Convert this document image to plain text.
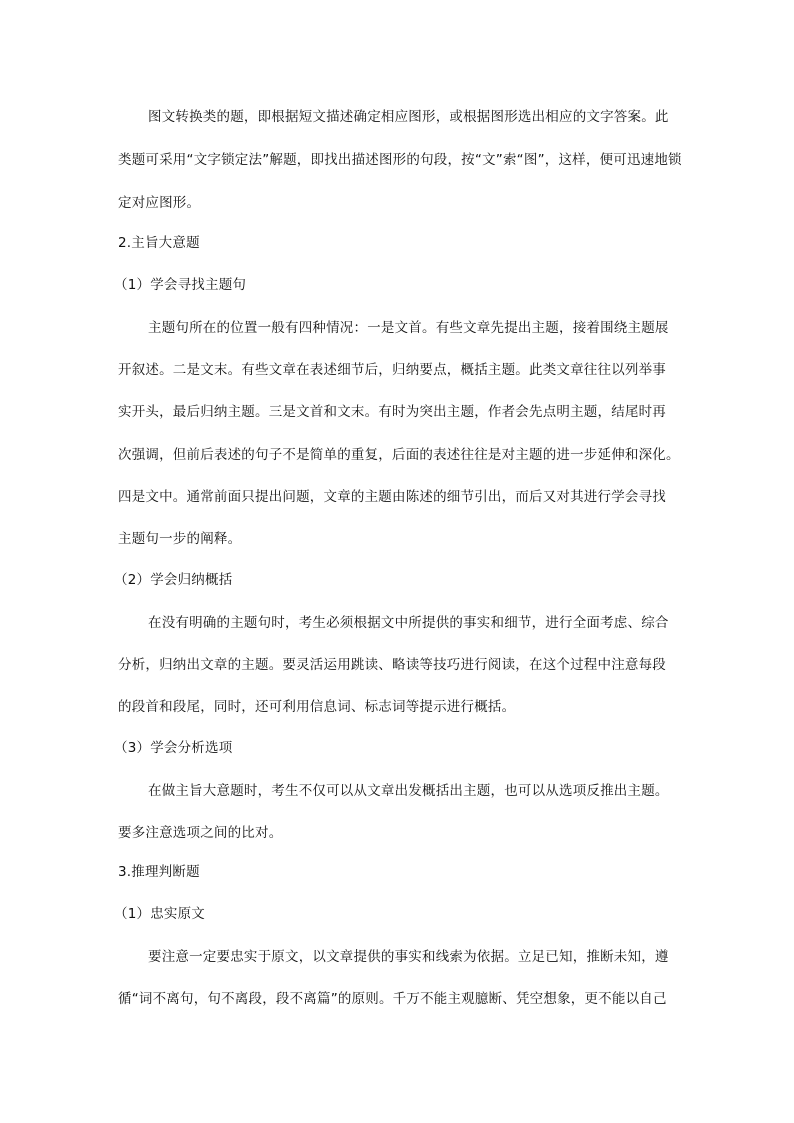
图文转换类的题，即根据短文描述确定相应图形，或根据图形选出相应的文字答案。此
类题可采用“文字锁定法”解题，即找出描述图形的句段，按“文”索“图”，这样，便可迅速地锁
定对应图形。
2.主旨大意题
（1）学会寻找主题句
主题句所在的位置一般有四种情况：一是文首。有些文章先提出主题，接着围绕主题展
开叙述。二是文末。有些文章在表述细节后，归纳要点，概括主题。此类文章往往以列举事
实开头，最后归纳主题。三是文首和文末。有时为突出主题，作者会先点明主题，结尾时再
次强调，但前后表述的句子不是简单的重复，后面的表述往往是对主题的进一步延伸和深化。
四是文中。通常前面只提出问题，文章的主题由陈述的细节引出，而后又对其进行学会寻找
主题句一步的阐释。
（2）学会归纳概括
在没有明确的主题句时，考生必须根据文中所提供的事实和细节，进行全面考虑、综合
分析，归纳出文章的主题。要灵活运用跳读、略读等技巧进行阅读，在这个过程中注意每段
的段首和段尾，同时，还可利用信息词、标志词等提示进行概括。
（3）学会分析选项
在做主旨大意题时，考生不仅可以从文章出发概括出主题，也可以从选项反推出主题。
要多注意选项之间的比对。
3.推理判断题
（1）忠实原文
要注意一定要忠实于原文，以文章提供的事实和线索为依据。立足已知，推断未知，遵
循“词不离句，句不离段，段不离篇”的原则。千万不能主观臆断、凭空想象，更不能以自己
